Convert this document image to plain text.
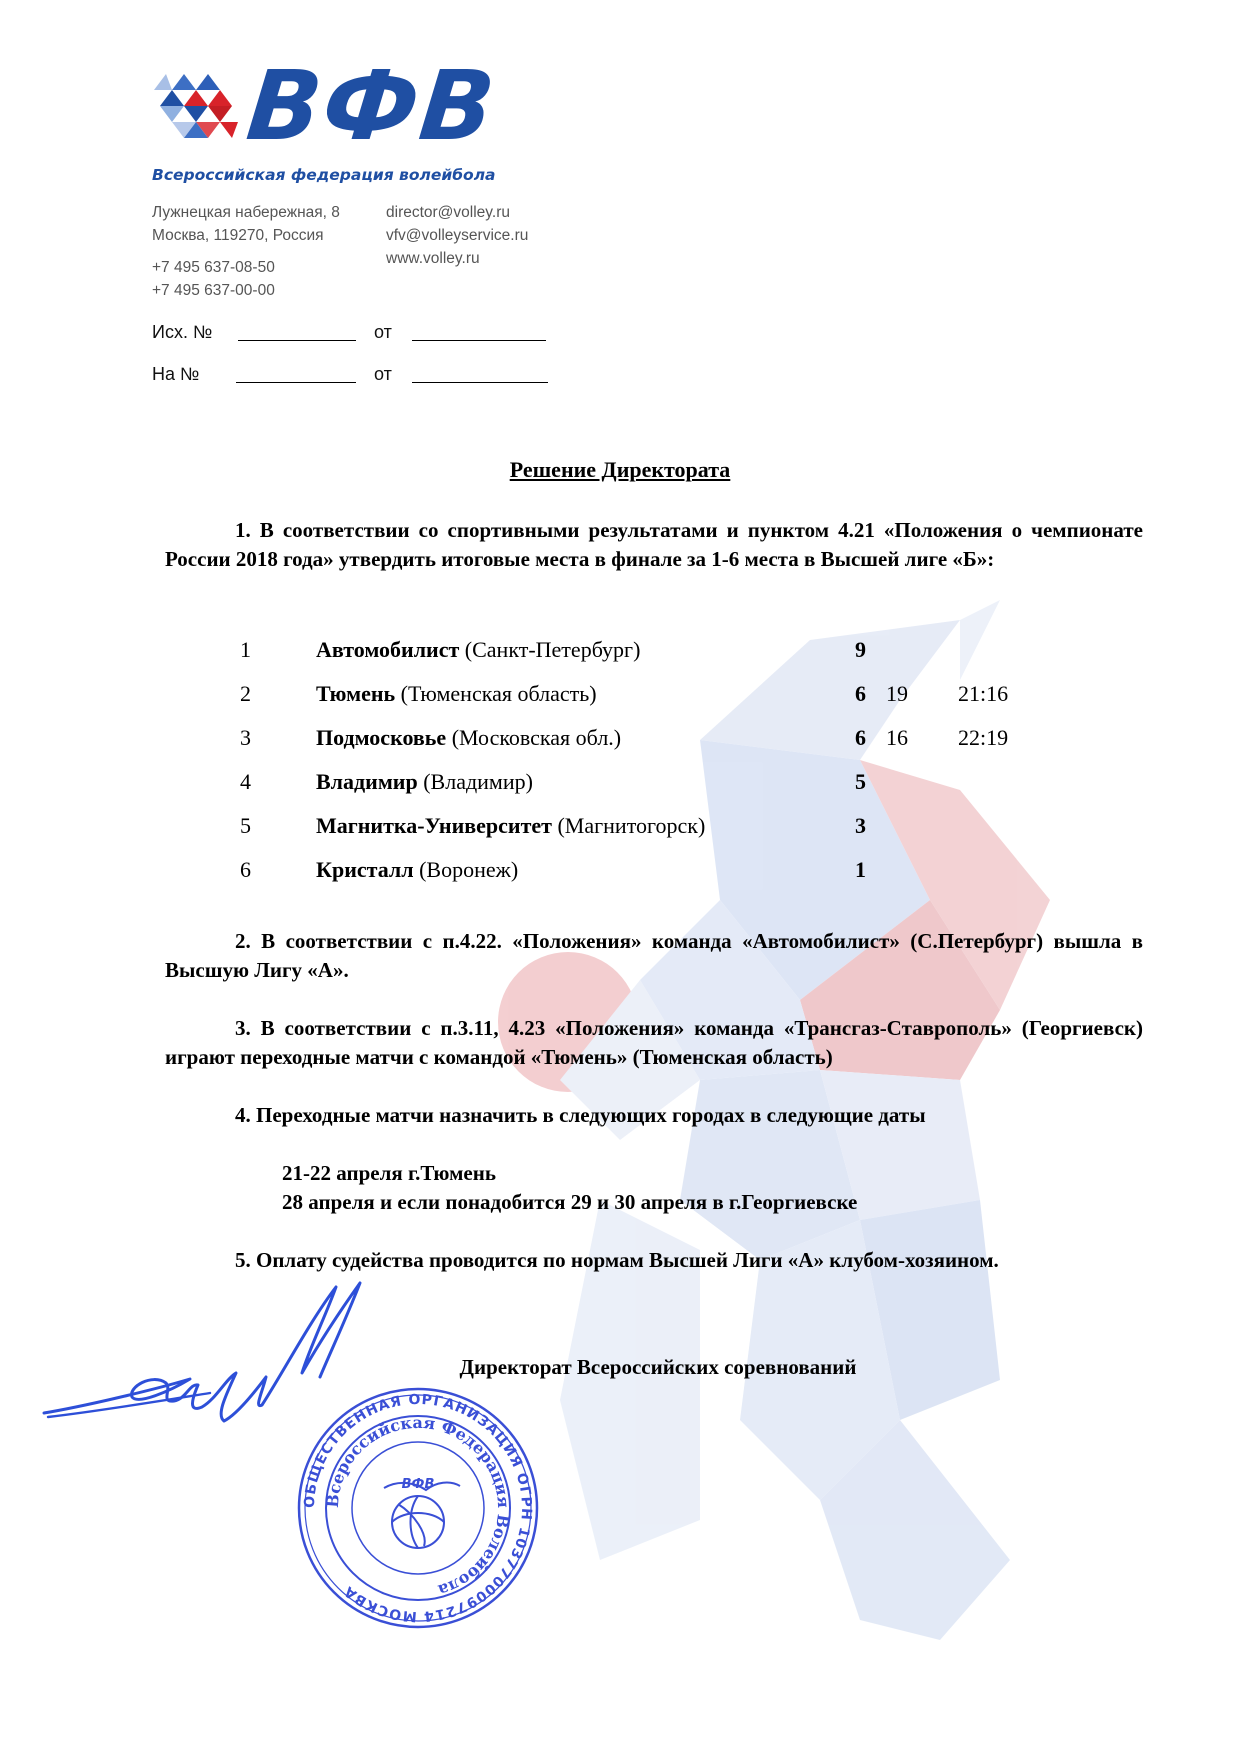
ВФВ
Всероссийская федерация волейбола
Лужнецкая набережная, 8
Москва, 119270, Россия
+7 495 637-08-50
+7 495 637-00-00
director@volley.ru
vfv@volleyservice.ru
www.volley.ru
Исх. №	от
На №	от
Решение Директората
1. В соответствии со спортивными результатами и пунктом 4.21 «Положения о чемпионате России 2018 года» утвердить итоговые места в финале за 1-6 места в Высшей лиге «Б»:
1	Автомобилист (Санкт-Петербург)	9
2	Тюмень (Тюменская область)	6 19 21:16
3	Подмосковье (Московская обл.)	6 16 22:19
4	Владимир (Владимир)	5
5	Магнитка-Университет (Магнитогорск)	3
6	Кристалл (Воронеж)	1
2. В соответствии с п.4.22. «Положения» команда «Автомобилист» (С.Петербург) вышла в Высшую Лигу «А».
3. В соответствии с п.3.11, 4.23 «Положения» команда «Трансгаз-Ставрополь» (Георгиевск) играют переходные матчи с командой «Тюмень» (Тюменская область)
4. Переходные матчи назначить в следующих городах в следующие даты
21-22 апреля г.Тюмень
28 апреля и если понадобится 29 и 30 апреля в г.Георгиевске
5. Оплату судейства проводится по нормам Высшей Лиги «А» клубом-хозяином.
Директорат Всероссийских соревнований
ОБЩЕСТВЕННАЯ ОРГАНИЗАЦИЯ ОГРН 1037700097214 МОСКВА
Всероссийская Федерация Волейбола
ВФВ
